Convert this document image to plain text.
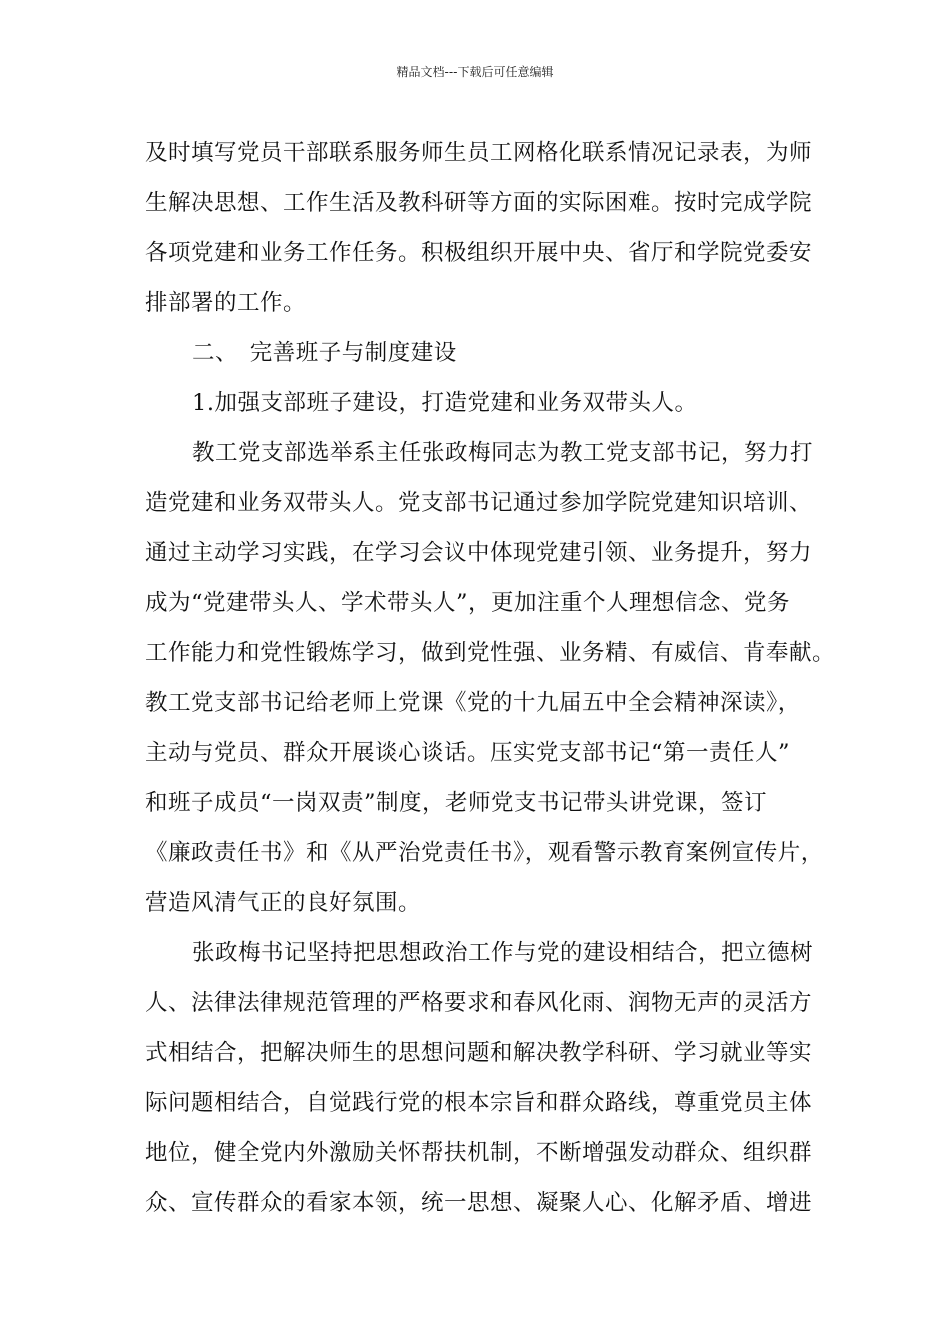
精品文档---下载后可任意编辑
及时填写党员干部联系服务师生员工网格化联系情况记录表，为师
生解决思想、工作生活及教科研等方面的实际困难。按时完成学院
各项党建和业务工作任务。积极组织开展中央、省厅和学院党委安
排部署的工作。
二、　完善班子与制度建设
1.加强支部班子建设，打造党建和业务双带头人。
教工党支部选举系主任张政梅同志为教工党支部书记，努力打
造党建和业务双带头人。党支部书记通过参加学院党建知识培训、
通过主动学习实践，在学习会议中体现党建引领、业务提升，努力
成为“党建带头人、学术带头人”，更加注重个人理想信念、党务
工作能力和党性锻炼学习，做到党性强、业务精、有威信、肯奉献。
教工党支部书记给老师上党课《党的十九届五中全会精神深读》，
主动与党员、群众开展谈心谈话。压实党支部书记“第一责任人”
和班子成员“一岗双责”制度，老师党支书记带头讲党课，签订
《廉政责任书》和《从严治党责任书》，观看警示教育案例宣传片，
营造风清气正的良好氛围。
张政梅书记坚持把思想政治工作与党的建设相结合，把立德树
人、法律法律规范管理的严格要求和春风化雨、润物无声的灵活方
式相结合，把解决师生的思想问题和解决教学科研、学习就业等实
际问题相结合，自觉践行党的根本宗旨和群众路线，尊重党员主体
地位，健全党内外激励关怀帮扶机制，不断增强发动群众、组织群
众、宣传群众的看家本领，统一思想、凝聚人心、化解矛盾、增进
